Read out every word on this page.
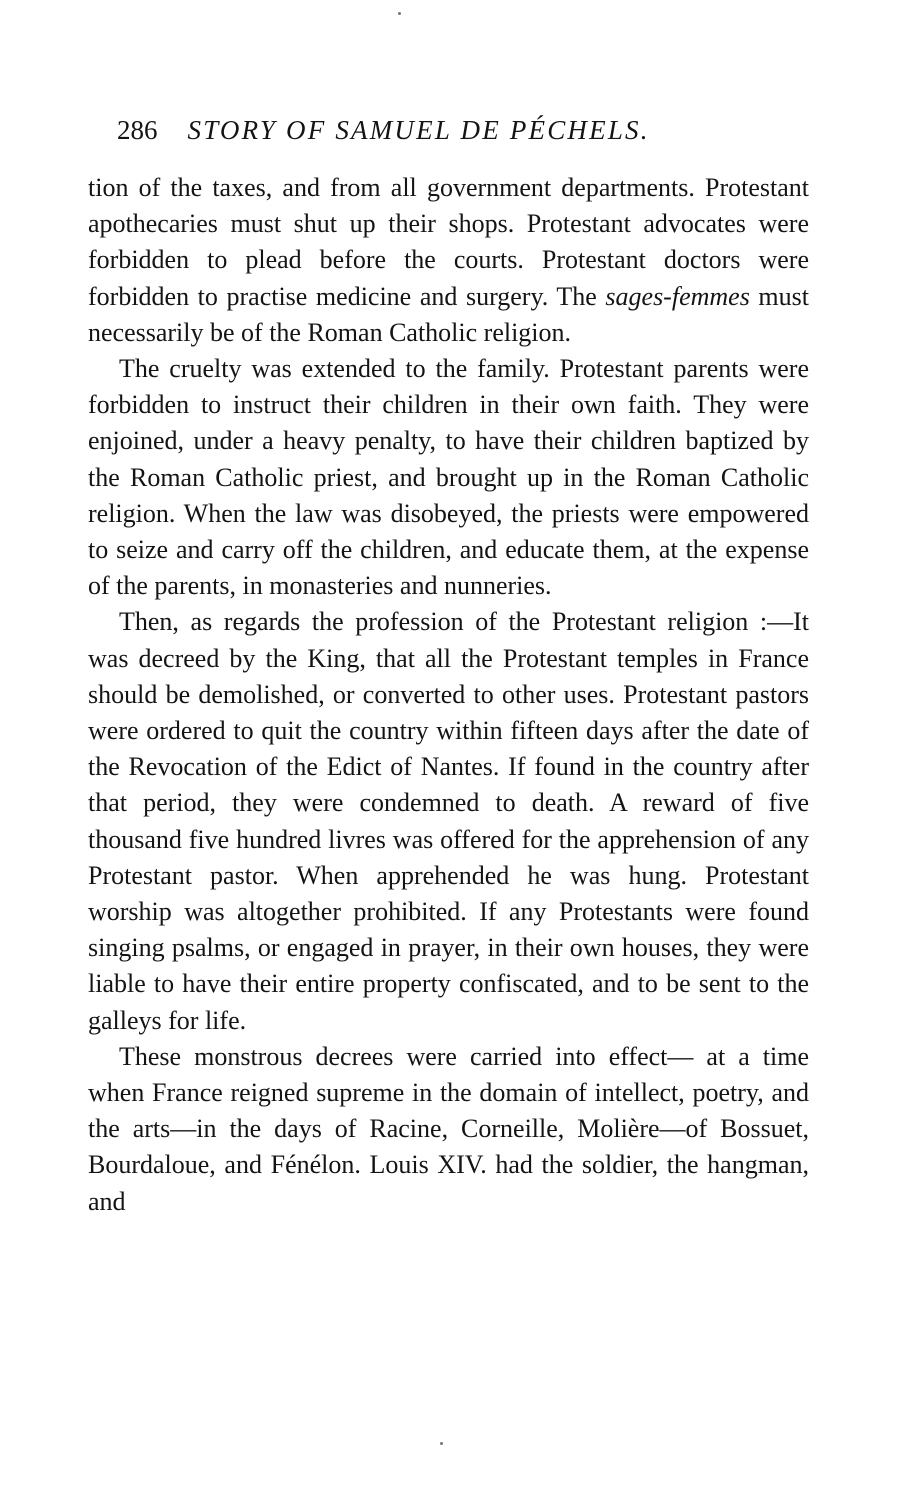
286 STORY OF SAMUEL DE PÉCHELS.

tion of the taxes, and from all government departments. Protestant apothecaries must shut up their shops. Protestant advocates were forbidden to plead before the courts. Protestant doctors were forbidden to practise medicine and surgery. The sages-femmes must necessarily be of the Roman Catholic religion.

The cruelty was extended to the family. Protestant parents were forbidden to instruct their children in their own faith. They were enjoined, under a heavy penalty, to have their children baptized by the Roman Catholic priest, and brought up in the Roman Catholic religion. When the law was disobeyed, the priests were empowered to seize and carry off the children, and educate them, at the expense of the parents, in monasteries and nunneries.

Then, as regards the profession of the Protestant religion :—It was decreed by the King, that all the Protestant temples in France should be demolished, or converted to other uses. Protestant pastors were ordered to quit the country within fifteen days after the date of the Revocation of the Edict of Nantes. If found in the country after that period, they were condemned to death. A reward of five thousand five hundred livres was offered for the apprehension of any Protestant pastor. When apprehended he was hung. Protestant worship was altogether prohibited. If any Protestants were found singing psalms, or engaged in prayer, in their own houses, they were liable to have their entire property confiscated, and to be sent to the galleys for life.

These monstrous decrees were carried into effect— at a time when France reigned supreme in the domain of intellect, poetry, and the arts—in the days of Racine, Corneille, Molière—of Bossuet, Bourdaloue, and Fénélon. Louis XIV. had the soldier, the hangman, and
